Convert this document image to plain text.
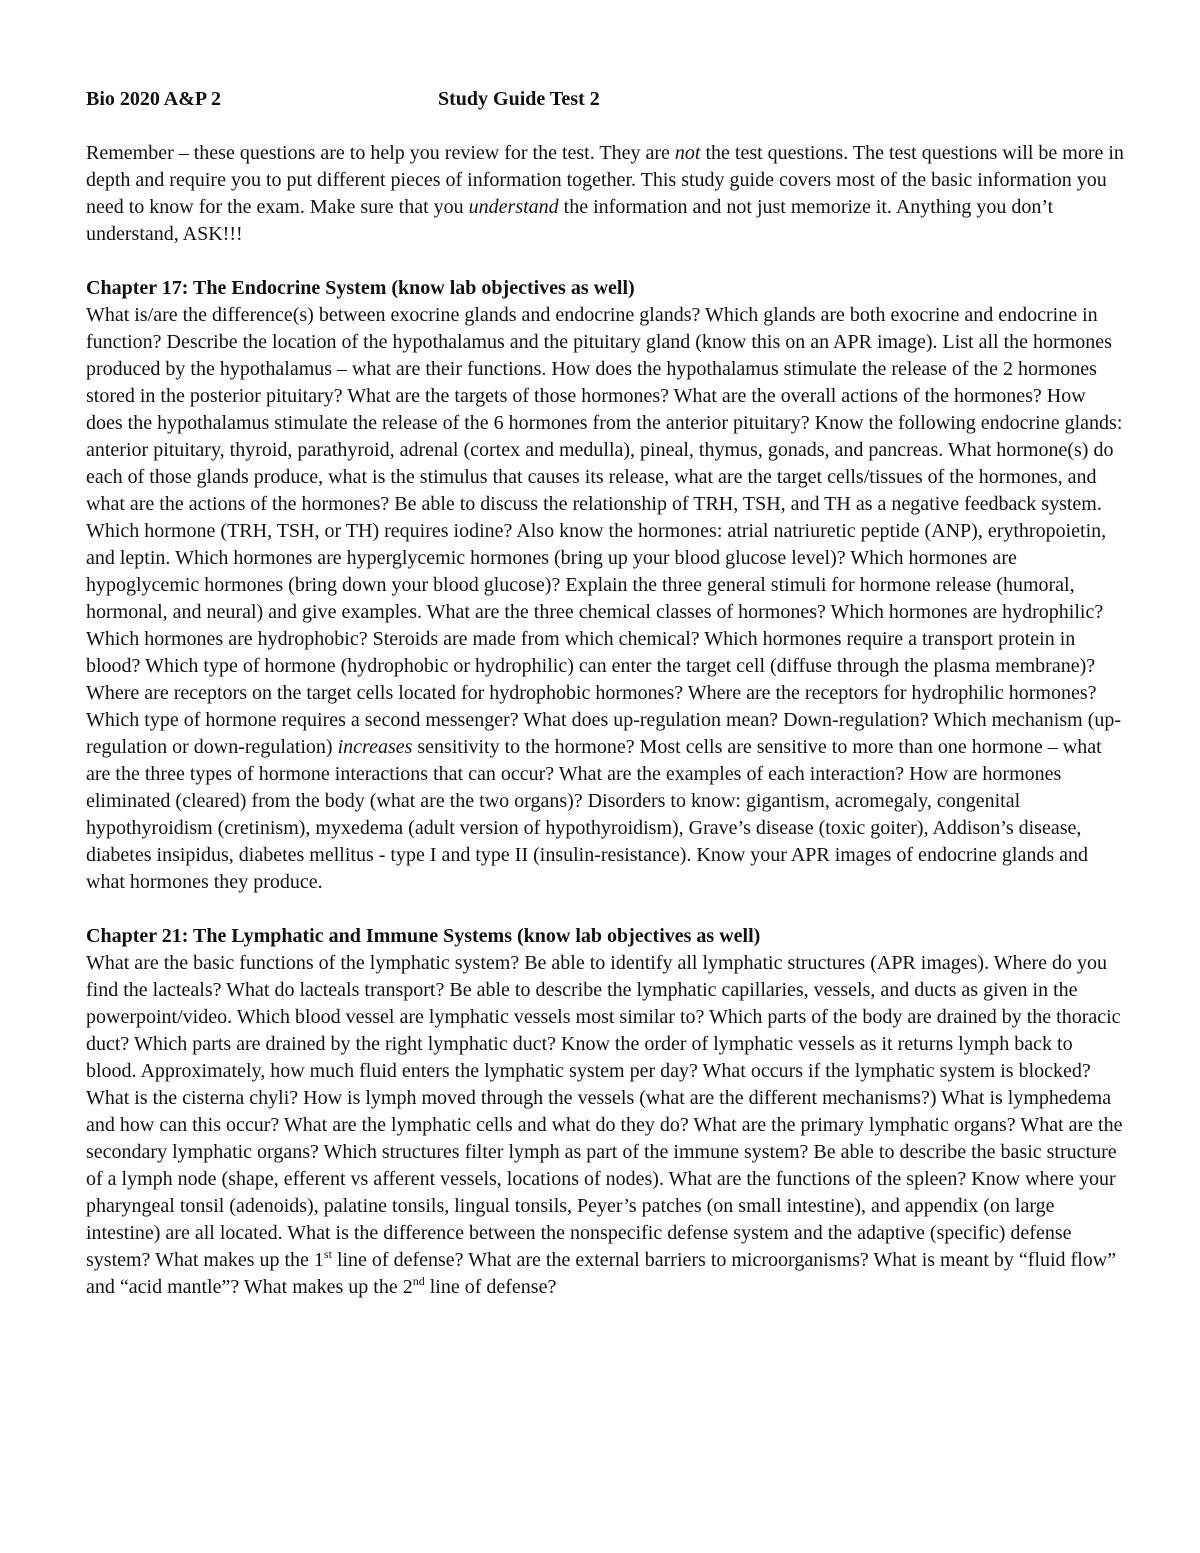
Bio 2020 A&P 2	Study Guide Test 2

Remember – these questions are to help you review for the test. They are not the test questions. The test questions will be more in depth and require you to put different pieces of information together. This study guide covers most of the basic information you need to know for the exam. Make sure that you understand the information and not just memorize it. Anything you don’t understand, ASK!!!

Chapter 17: The Endocrine System (know lab objectives as well)

What is/are the difference(s) between exocrine glands and endocrine glands? Which glands are both exocrine and endocrine in function? Describe the location of the hypothalamus and the pituitary gland (know this on an APR image). List all the hormones produced by the hypothalamus – what are their functions. How does the hypothalamus stimulate the release of the 2 hormones stored in the posterior pituitary? What are the targets of those hormones? What are the overall actions of the hormones? How does the hypothalamus stimulate the release of the 6 hormones from the anterior pituitary? Know the following endocrine glands: anterior pituitary, thyroid, parathyroid, adrenal (cortex and medulla), pineal, thymus, gonads, and pancreas. What hormone(s) do each of those glands produce, what is the stimulus that causes its release, what are the target cells/tissues of the hormones, and what are the actions of the hormones? Be able to discuss the relationship of TRH, TSH, and TH as a negative feedback system. Which hormone (TRH, TSH, or TH) requires iodine? Also know the hormones: atrial natriuretic peptide (ANP), erythropoietin, and leptin. Which hormones are hyperglycemic hormones (bring up your blood glucose level)? Which hormones are hypoglycemic hormones (bring down your blood glucose)? Explain the three general stimuli for hormone release (humoral, hormonal, and neural) and give examples. What are the three chemical classes of hormones? Which hormones are hydrophilic? Which hormones are hydrophobic? Steroids are made from which chemical? Which hormones require a transport protein in blood? Which type of hormone (hydrophobic or hydrophilic) can enter the target cell (diffuse through the plasma membrane)? Where are receptors on the target cells located for hydrophobic hormones? Where are the receptors for hydrophilic hormones? Which type of hormone requires a second messenger? What does up-regulation mean? Down-regulation? Which mechanism (up-regulation or down-regulation) increases sensitivity to the hormone? Most cells are sensitive to more than one hormone – what are the three types of hormone interactions that can occur? What are the examples of each interaction? How are hormones eliminated (cleared) from the body (what are the two organs)? Disorders to know: gigantism, acromegaly, congenital hypothyroidism (cretinism), myxedema (adult version of hypothyroidism), Grave’s disease (toxic goiter), Addison’s disease, diabetes insipidus, diabetes mellitus - type I and type II (insulin-resistance). Know your APR images of endocrine glands and what hormones they produce.

Chapter 21: The Lymphatic and Immune Systems (know lab objectives as well)

What are the basic functions of the lymphatic system? Be able to identify all lymphatic structures (APR images). Where do you find the lacteals? What do lacteals transport? Be able to describe the lymphatic capillaries, vessels, and ducts as given in the powerpoint/video. Which blood vessel are lymphatic vessels most similar to? Which parts of the body are drained by the thoracic duct? Which parts are drained by the right lymphatic duct? Know the order of lymphatic vessels as it returns lymph back to blood. Approximately, how much fluid enters the lymphatic system per day? What occurs if the lymphatic system is blocked? What is the cisterna chyli? How is lymph moved through the vessels (what are the different mechanisms?) What is lymphedema and how can this occur? What are the lymphatic cells and what do they do? What are the primary lymphatic organs? What are the secondary lymphatic organs? Which structures filter lymph as part of the immune system? Be able to describe the basic structure of a lymph node (shape, efferent vs afferent vessels, locations of nodes). What are the functions of the spleen? Know where your pharyngeal tonsil (adenoids), palatine tonsils, lingual tonsils, Peyer’s patches (on small intestine), and appendix (on large intestine) are all located. What is the difference between the nonspecific defense system and the adaptive (specific) defense system? What makes up the 1st line of defense? What are the external barriers to microorganisms? What is meant by “fluid flow” and “acid mantle”? What makes up the 2nd line of defense?
